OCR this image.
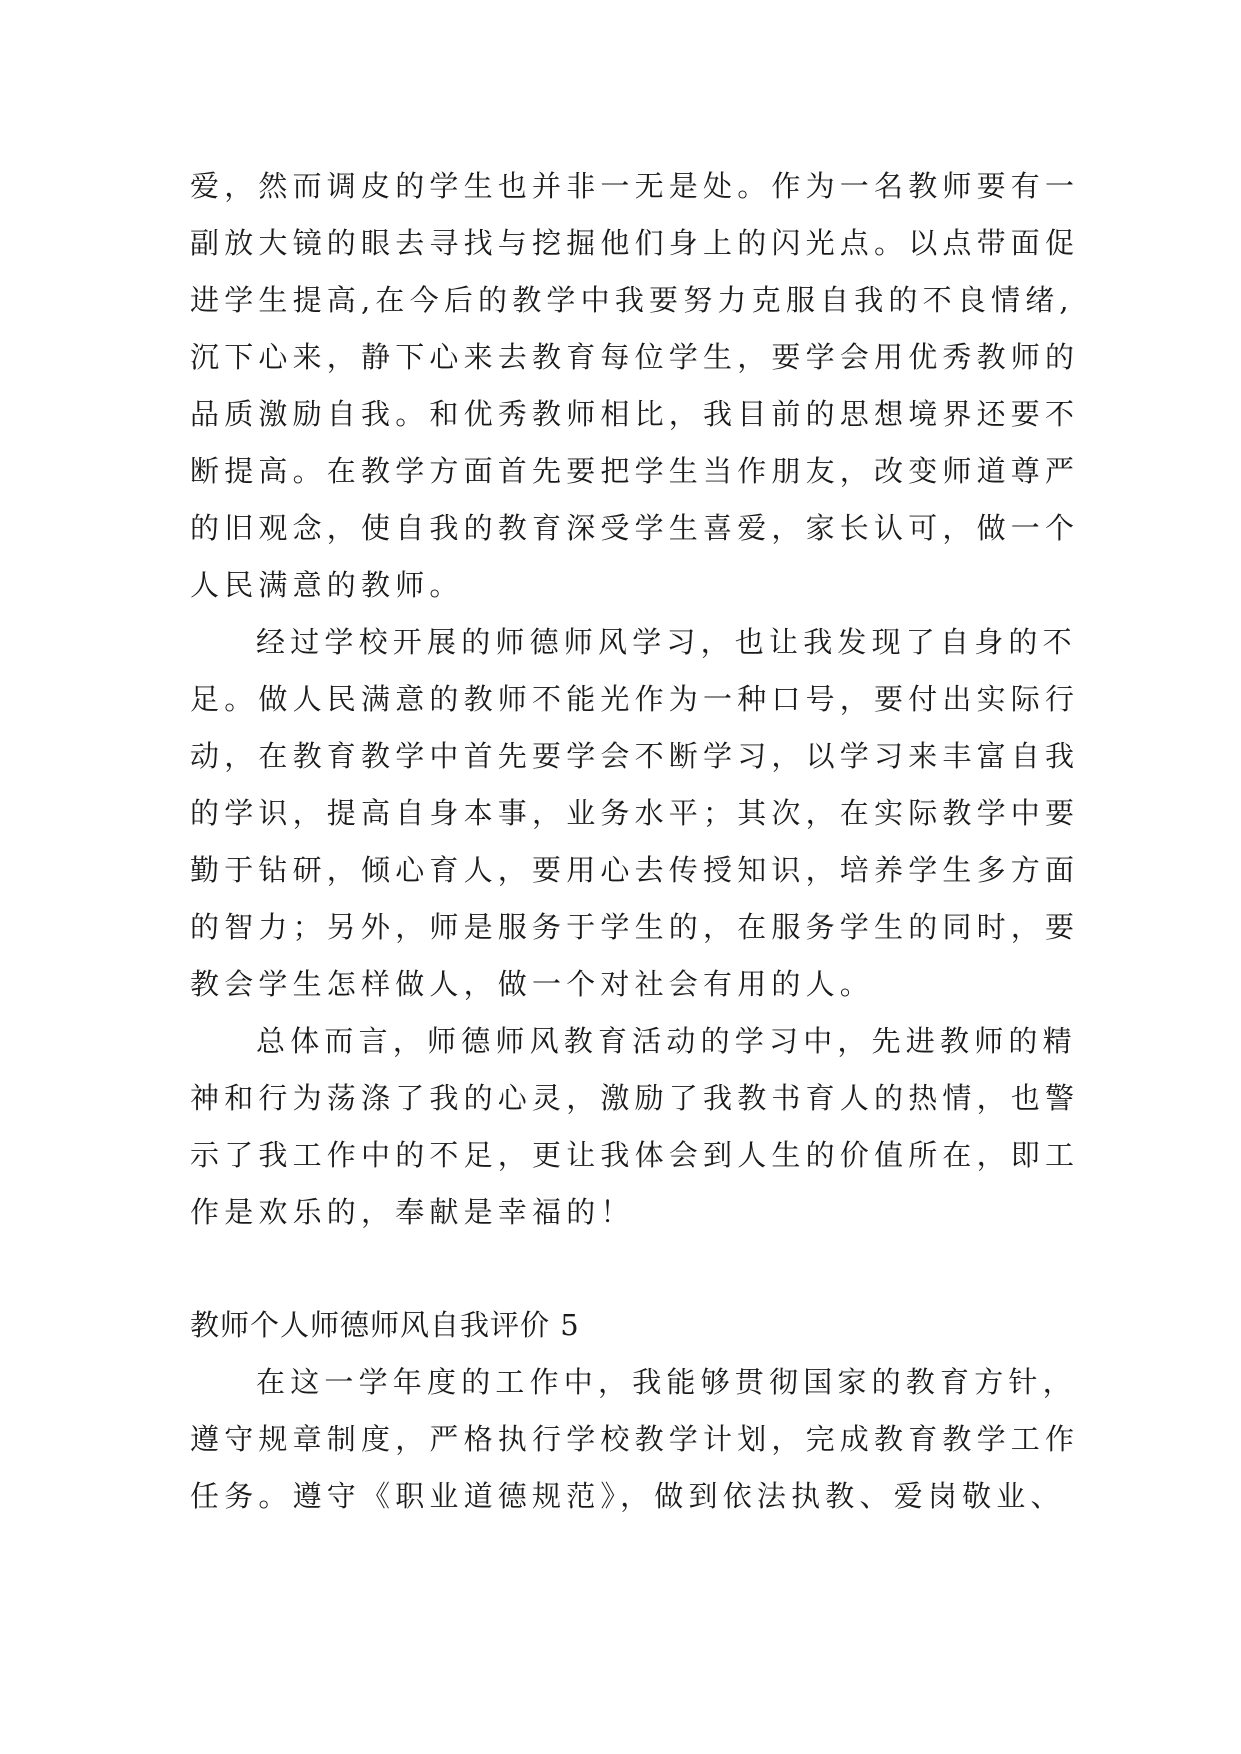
爱，然而调皮的学生也并非一无是处。作为一名教师要有一
副放大镜的眼去寻找与挖掘他们身上的闪光点。以点带面促
进学生提高,在今后的教学中我要努力克服自我的不良情绪,
沉下心来，静下心来去教育每位学生，要学会用优秀教师的
品质激励自我。和优秀教师相比，我目前的思想境界还要不
断提高。在教学方面首先要把学生当作朋友，改变师道尊严
的旧观念，使自我的教育深受学生喜爱，家长认可，做一个
人民满意的教师。
经过学校开展的师德师风学习，也让我发现了自身的不
足。做人民满意的教师不能光作为一种口号，要付出实际行
动，在教育教学中首先要学会不断学习，以学习来丰富自我
的学识，提高自身本事，业务水平；其次，在实际教学中要
勤于钻研，倾心育人，要用心去传授知识，培养学生多方面
的智力；另外，师是服务于学生的，在服务学生的同时，要
教会学生怎样做人，做一个对社会有用的人。
总体而言，师德师风教育活动的学习中，先进教师的精
神和行为荡涤了我的心灵，激励了我教书育人的热情，也警
示了我工作中的不足，更让我体会到人生的价值所在，即工
作是欢乐的，奉献是幸福的！
教师个人师德师风自我评价 5
在这一学年度的工作中，我能够贯彻国家的教育方针，
遵守规章制度，严格执行学校教学计划，完成教育教学工作
任务。遵守《职业道德规范》，做到依法执教、爱岗敬业、
